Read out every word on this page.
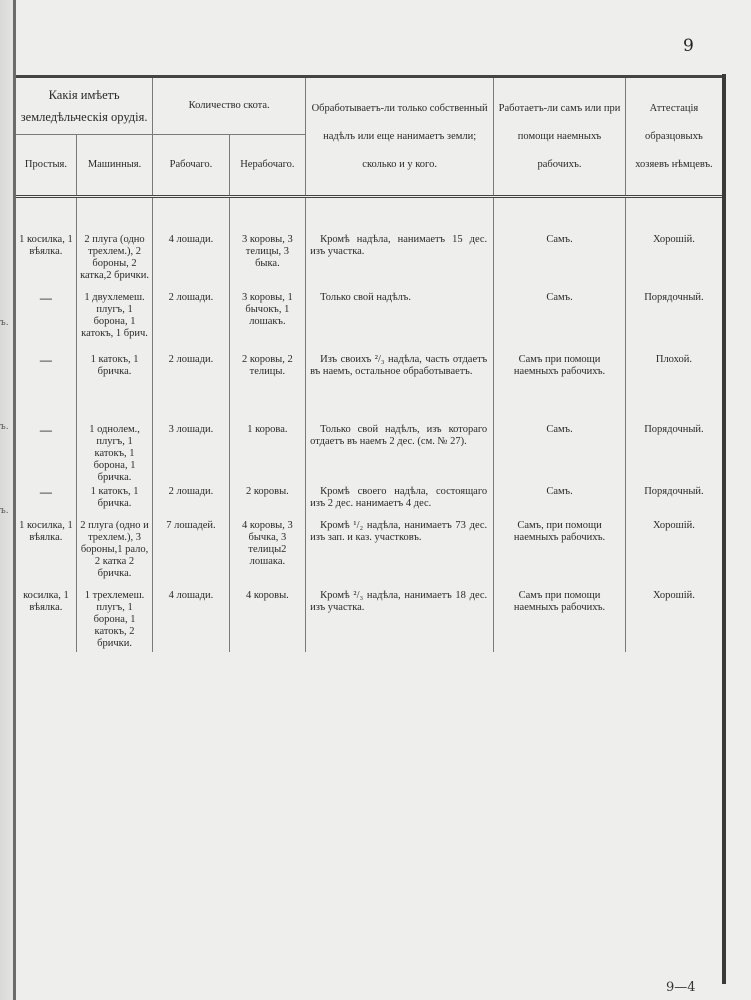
ъ.
ъ.
ъ.
9
Какія имѣетъ земледѣльческія орудія.		Количество скота.		Обработываетъ-ли только собственный надѣлъ или еще нанимаетъ земли; сколько и у кого.	Работаетъ-ли самъ или при помощи наемныхъ рабочихъ.	Аттестація образцовыхъ хозяевъ нѣмцевъ.
Простыя.	Машинныя.	Рабочаго.	Нерабочаго.			
1 косилка, 1 вѣялка.	2 плуга (одно трехлем.), 2 бороны, 2 катка,2 брички.	4 лошади.	3 коровы, 3 телицы, 3 быка.	Кромѣ надѣла, нанимаетъ 15 дес. изъ участка.	Самъ.	Хорошій.
—	1 двухлемеш. плугъ, 1 борона, 1 катокъ, 1 брич.	2 лошади.	3 коровы, 1 бычокъ, 1 лошакъ.	Только свой надѣлъ.	Самъ.	Порядочный.
—	1 катокъ, 1 бричка.	2 лошади.	2 коровы, 2 телицы.	Изъ своихъ ²/₃ надѣла, часть отдаетъ въ наемъ, остальное обработываетъ.	Самъ при помощи наемныхъ рабочихъ.	Плохой.
—	1 однолем., плугъ, 1 катокъ, 1 борона, 1 бричка.	3 лошади.	1 корова.	Только свой надѣлъ, изъ котораго отдаетъ въ наемъ 2 дес. (см. № 27).	Самъ.	Порядочный.
—	1 катокъ, 1 бричка.	2 лошади.	2 коровы.	Кромѣ своего надѣла, состоящаго изъ 2 дес. нанимаетъ 4 дес.	Самъ.	Порядочный.
1 косилка, 1 вѣялка.	2 плуга (одно и трехлем.), 3 бороны,1 рало, 2 катка 2 бричка.	7 лошадей.	4 коровы, 3 бычка, 3 телицы2 лошака.	Кромѣ ¹/₂ надѣла, нанимаетъ 73 дес. изъ зап. и каз. участковъ.	Самъ, при помощи наемныхъ рабочихъ.	Хорошій.
косилка, 1 вѣялка.	1 трехлемеш. плугъ, 1 борона, 1 катокъ, 2 брички.	4 лошади.	4 коровы.	Кромѣ ²/₃ надѣла, нанимаетъ 18 дес. изъ участка.	Самъ при помощи наемныхъ рабочихъ.	Хорошій.
9—4
